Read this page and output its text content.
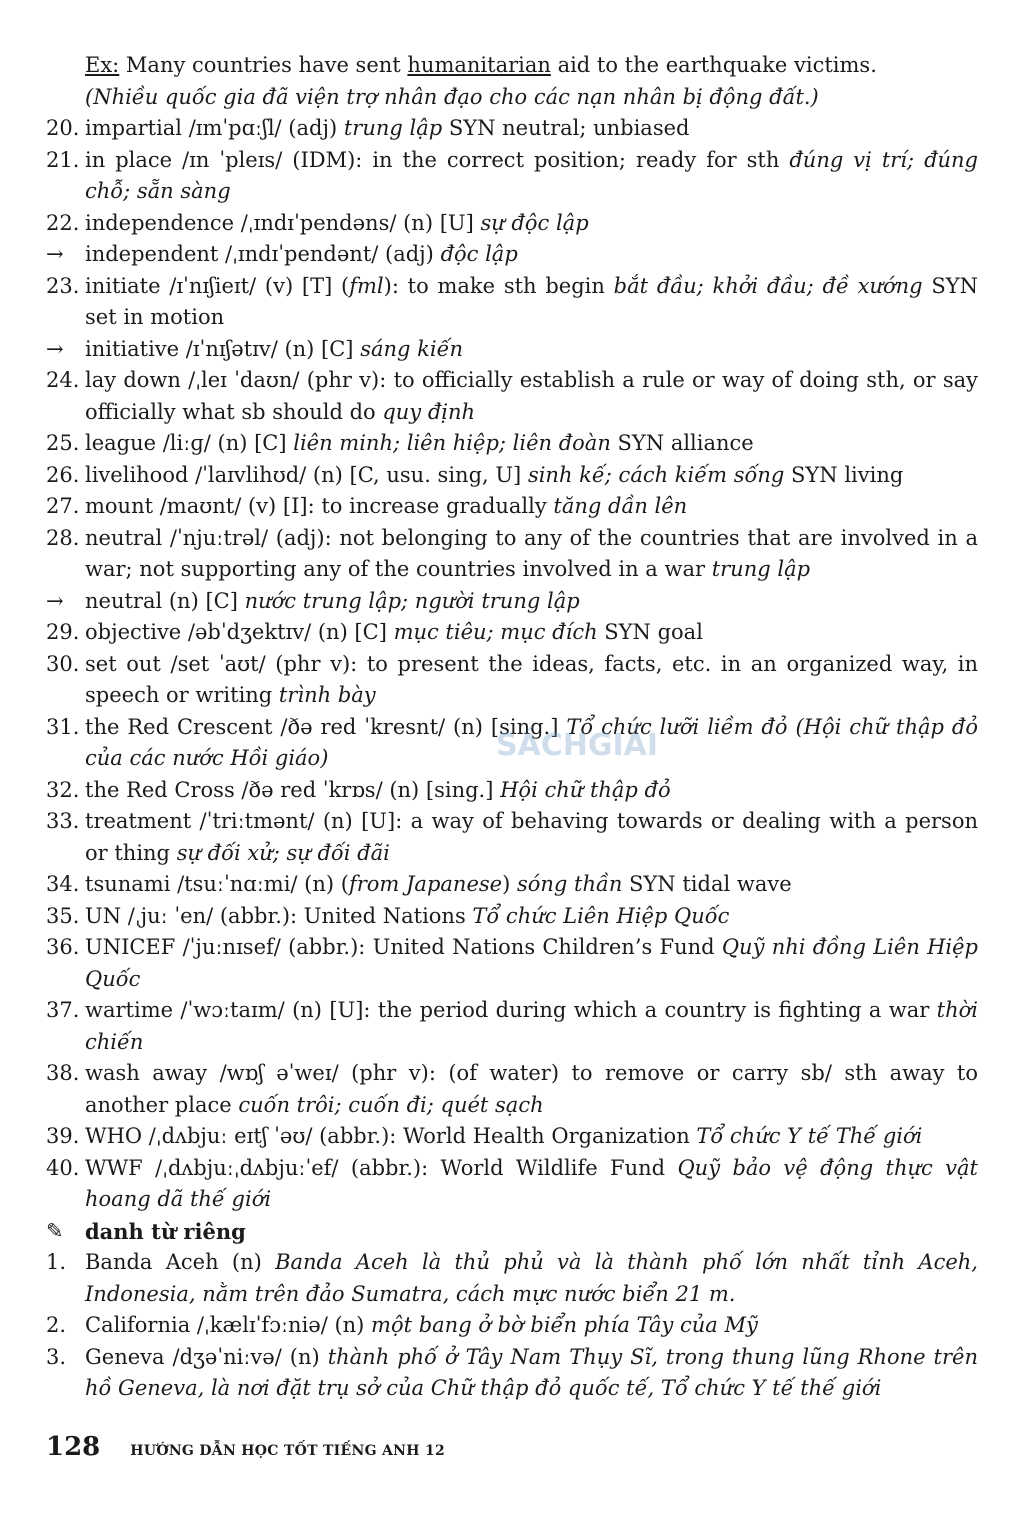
Ex: Many countries have sent humanitarian aid to the earthquake victims.
(Nhiều quốc gia đã viện trợ nhân đạo cho các nạn nhân bị động đất.)
20. impartial /ɪmˈpɑːʃl/ (adj) trung lập SYN neutral; unbiased
21. in place /ɪn ˈpleɪs/ (IDM): in the correct position; ready for sth đúng vị trí; đúng chỗ; sẵn sàng
22. independence /ˌɪndɪˈpendəns/ (n) [U] sự độc lập
→	independent /ˌɪndɪˈpendənt/ (adj) độc lập
23. initiate /ɪˈnɪʃieɪt/ (v) [T] (fml): to make sth begin bắt đầu; khởi đầu; đề xướng SYN set in motion
→	initiative /ɪˈnɪʃətɪv/ (n) [C] sáng kiến
24. lay down /ˌleɪ ˈdaʊn/ (phr v): to officially establish a rule or way of doing sth, or say officially what sb should do quy định
25. league /liːɡ/ (n) [C] liên minh; liên hiệp; liên đoàn SYN alliance
26. livelihood /ˈlaɪvlihʊd/ (n) [C, usu. sing, U] sinh kế; cách kiếm sống SYN living
27. mount /maʊnt/ (v) [I]: to increase gradually tăng dần lên
28. neutral /ˈnjuːtrəl/ (adj): not belonging to any of the countries that are involved in a war; not supporting any of the countries involved in a war trung lập
→	neutral (n) [C] nước trung lập; người trung lập
29. objective /əbˈdʒektɪv/ (n) [C] mục tiêu; mục đích SYN goal
30. set out /set ˈaʊt/ (phr v): to present the ideas, facts, etc. in an organized way, in speech or writing trình bày
31. the Red Crescent /ðə red ˈkresnt/ (n) [sing.] Tổ chức lưỡi liềm đỏ (Hội chữ thập đỏ của các nước Hồi giáo)
32. the Red Cross /ðə red ˈkrɒs/ (n) [sing.] Hội chữ thập đỏ
33. treatment /ˈtriːtmənt/ (n) [U]: a way of behaving towards or dealing with a person or thing sự đối xử; sự đối đãi
34. tsunami /tsuːˈnɑːmi/ (n) (from Japanese) sóng thần SYN tidal wave
35. UN /ˌjuː ˈen/ (abbr.): United Nations Tổ chức Liên Hiệp Quốc
36. UNICEF /ˈjuːnɪsef/ (abbr.): United Nations Children’s Fund Quỹ nhi đồng Liên Hiệp Quốc
37. wartime /ˈwɔːtaɪm/ (n) [U]: the period during which a country is fighting a war thời chiến
38. wash away /wɒʃ əˈweɪ/ (phr v): (of water) to remove or carry sb/ sth away to another place cuốn trôi; cuốn đi; quét sạch
39. WHO /ˌdʌbjuː eɪtʃ ˈəʊ/ (abbr.): World Health Organization Tổ chức Y tế Thế giới
40. WWF /ˌdʌbjuːˌdʌbjuːˈef/ (abbr.): World Wildlife Fund Quỹ bảo vệ động thực vật hoang dã thế giới
✎	danh từ riêng
1. Banda Aceh (n) Banda Aceh là thủ phủ và là thành phố lớn nhất tỉnh Aceh, Indonesia, nằm trên đảo Sumatra, cách mực nước biển 21 m.
2. California /ˌkælɪˈfɔːniə/ (n) một bang ở bờ biển phía Tây của Mỹ
3. Geneva /dʒəˈniːvə/ (n) thành phố ở Tây Nam Thụy Sĩ, trong thung lũng Rhone trên hồ Geneva, là nơi đặt trụ sở của Chữ thập đỏ quốc tế, Tổ chức Y tế thế giới
SÁCHGIẢI
128 HƯỚNG DẪN HỌC TỐT TIẾNG ANH 12
